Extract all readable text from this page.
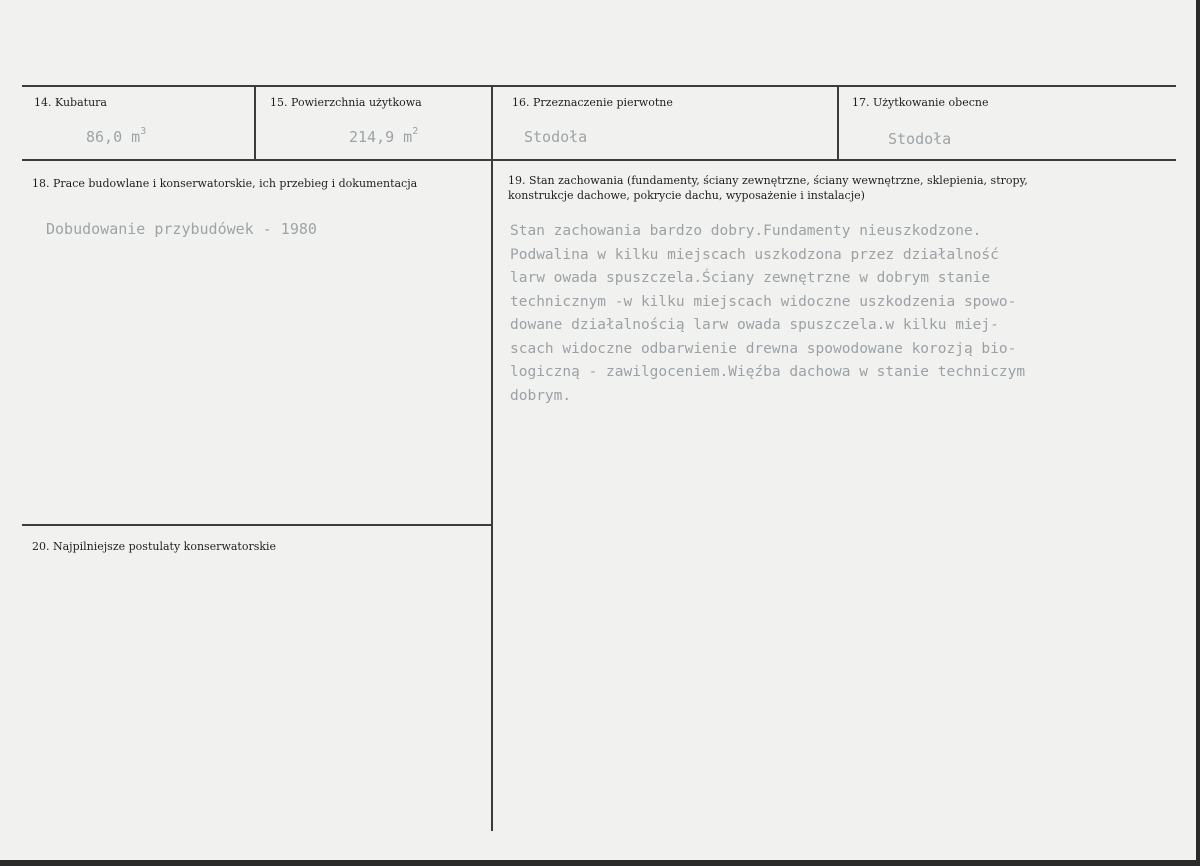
14. Kubatura
86,0 $m^3$
15. Powierzchnia użytkowa
214,9 $m^2$
16. Przeznaczenie pierwotne
Stodoła
17. Użytkowanie obecne
Stodoła
18. Prace budowlane i konserwatorskie, ich przebieg i dokumentacja
Dobudowanie przybudówek - 1980
19. Stan zachowania (fundamenty, ściany zewnętrzne, ściany wewnętrzne, sklepienia, stropy,
konstrukcje dachowe, pokrycie dachu, wyposażenie i instalacje)
Stan zachowania bardzo dobry.Fundamenty nieuszkodzone.
Podwalina w kilku miejscach uszkodzona przez działalność
larw owada spuszczela.Ściany zewnętrzne w dobrym stanie
technicznym -w kilku miejscach widoczne uszkodzenia spowo-
dowane działalnością larw owada spuszczela.w kilku miej-
scach widoczne odbarwienie drewna spowodowane korozją bio-
logiczną - zawilgoceniem.Więźba dachowa w stanie techniczym
dobrym.
20. Najpilniejsze postulaty konserwatorskie
